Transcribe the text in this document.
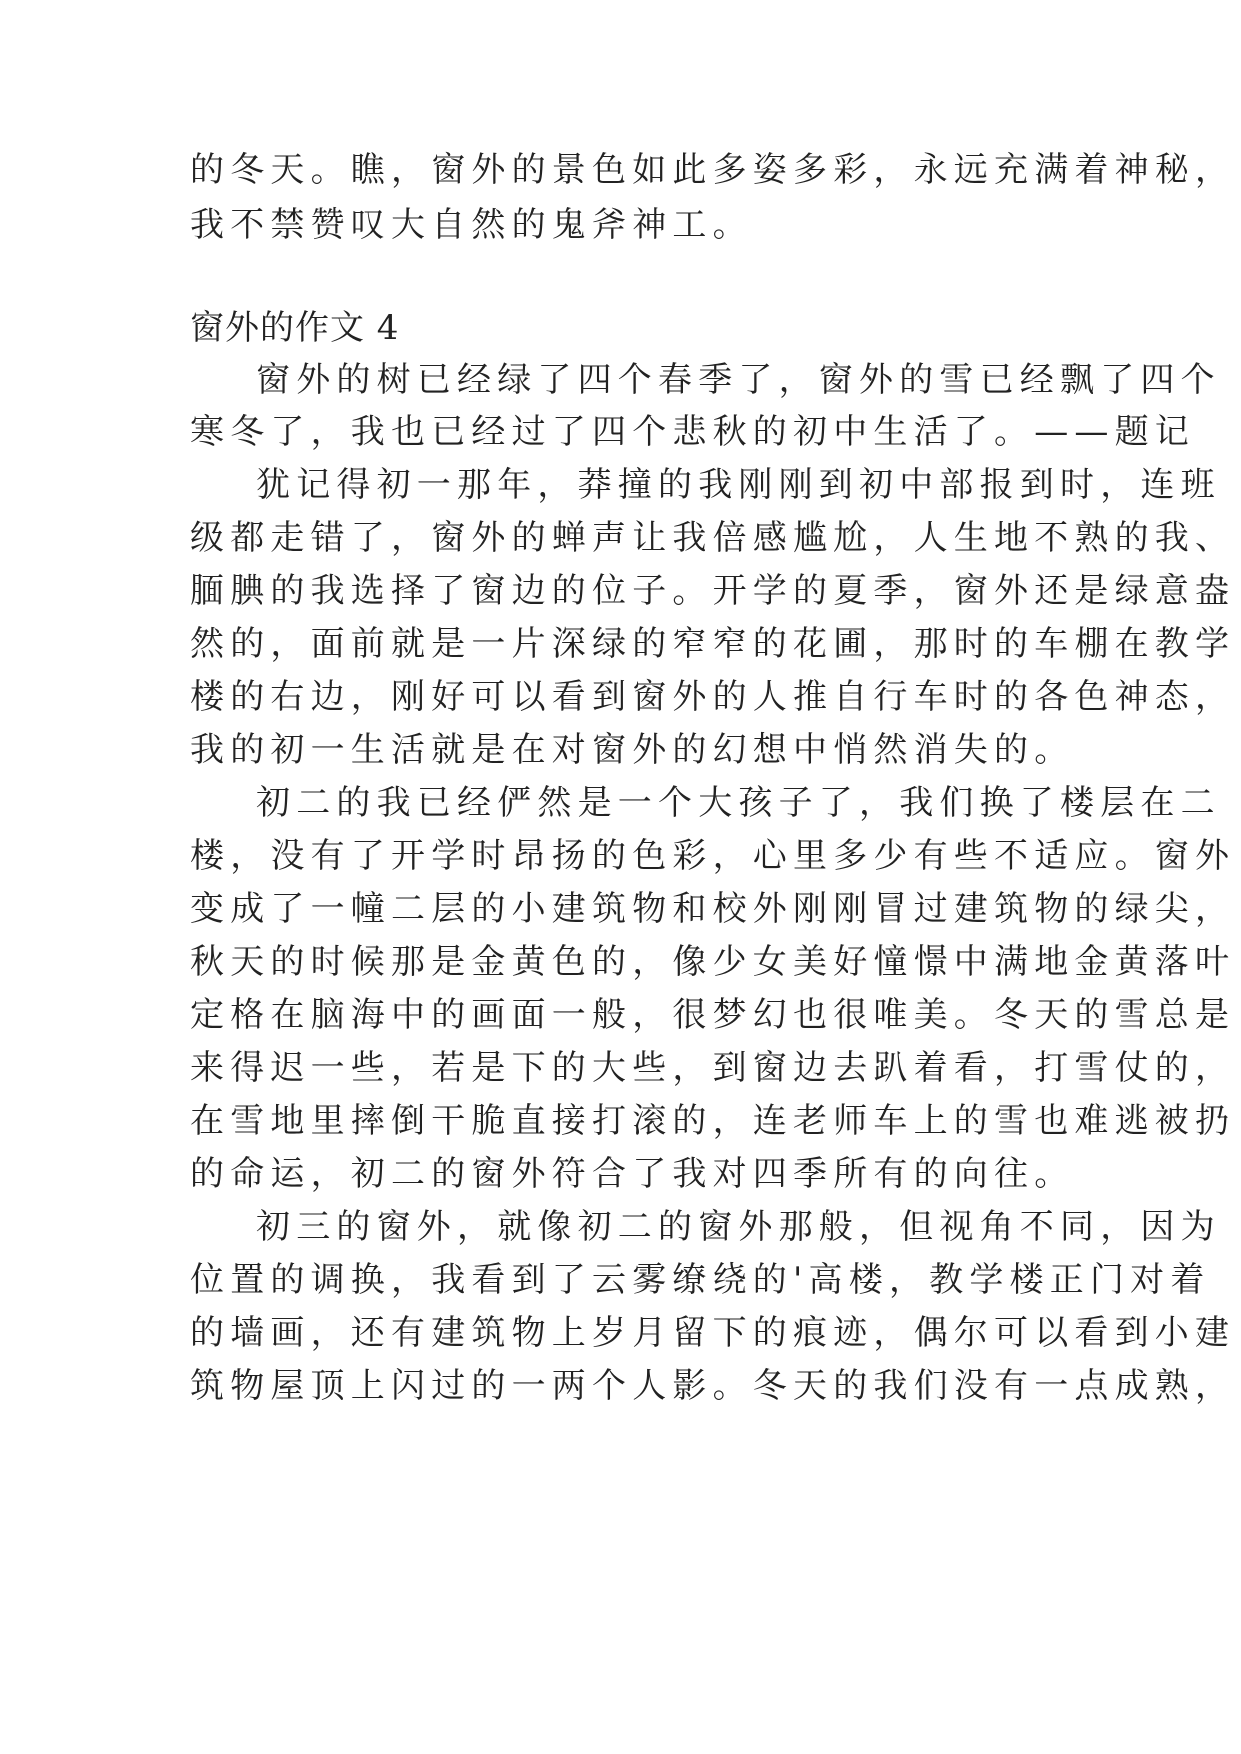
的冬天。瞧，窗外的景色如此多姿多彩，永远充满着神秘，
我不禁赞叹大自然的鬼斧神工。
窗外的作文 4
窗外的树已经绿了四个春季了，窗外的雪已经飘了四个
寒冬了，我也已经过了四个悲秋的初中生活了。——题记
犹记得初一那年，莽撞的我刚刚到初中部报到时，连班
级都走错了，窗外的蝉声让我倍感尴尬，人生地不熟的我、
腼腆的我选择了窗边的位子。开学的夏季，窗外还是绿意盎
然的，面前就是一片深绿的窄窄的花圃，那时的车棚在教学
楼的右边，刚好可以看到窗外的人推自行车时的各色神态，
我的初一生活就是在对窗外的幻想中悄然消失的。
初二的我已经俨然是一个大孩子了，我们换了楼层在二
楼，没有了开学时昂扬的色彩，心里多少有些不适应。窗外
变成了一幢二层的小建筑物和校外刚刚冒过建筑物的绿尖，
秋天的时候那是金黄色的，像少女美好憧憬中满地金黄落叶
定格在脑海中的画面一般，很梦幻也很唯美。冬天的雪总是
来得迟一些，若是下的大些，到窗边去趴着看，打雪仗的，
在雪地里摔倒干脆直接打滚的，连老师车上的雪也难逃被扔
的命运，初二的窗外符合了我对四季所有的向往。
初三的窗外，就像初二的窗外那般，但视角不同，因为
位置的调换，我看到了云雾缭绕的'高楼，教学楼正门对着
的墙画，还有建筑物上岁月留下的痕迹，偶尔可以看到小建
筑物屋顶上闪过的一两个人影。冬天的我们没有一点成熟，
